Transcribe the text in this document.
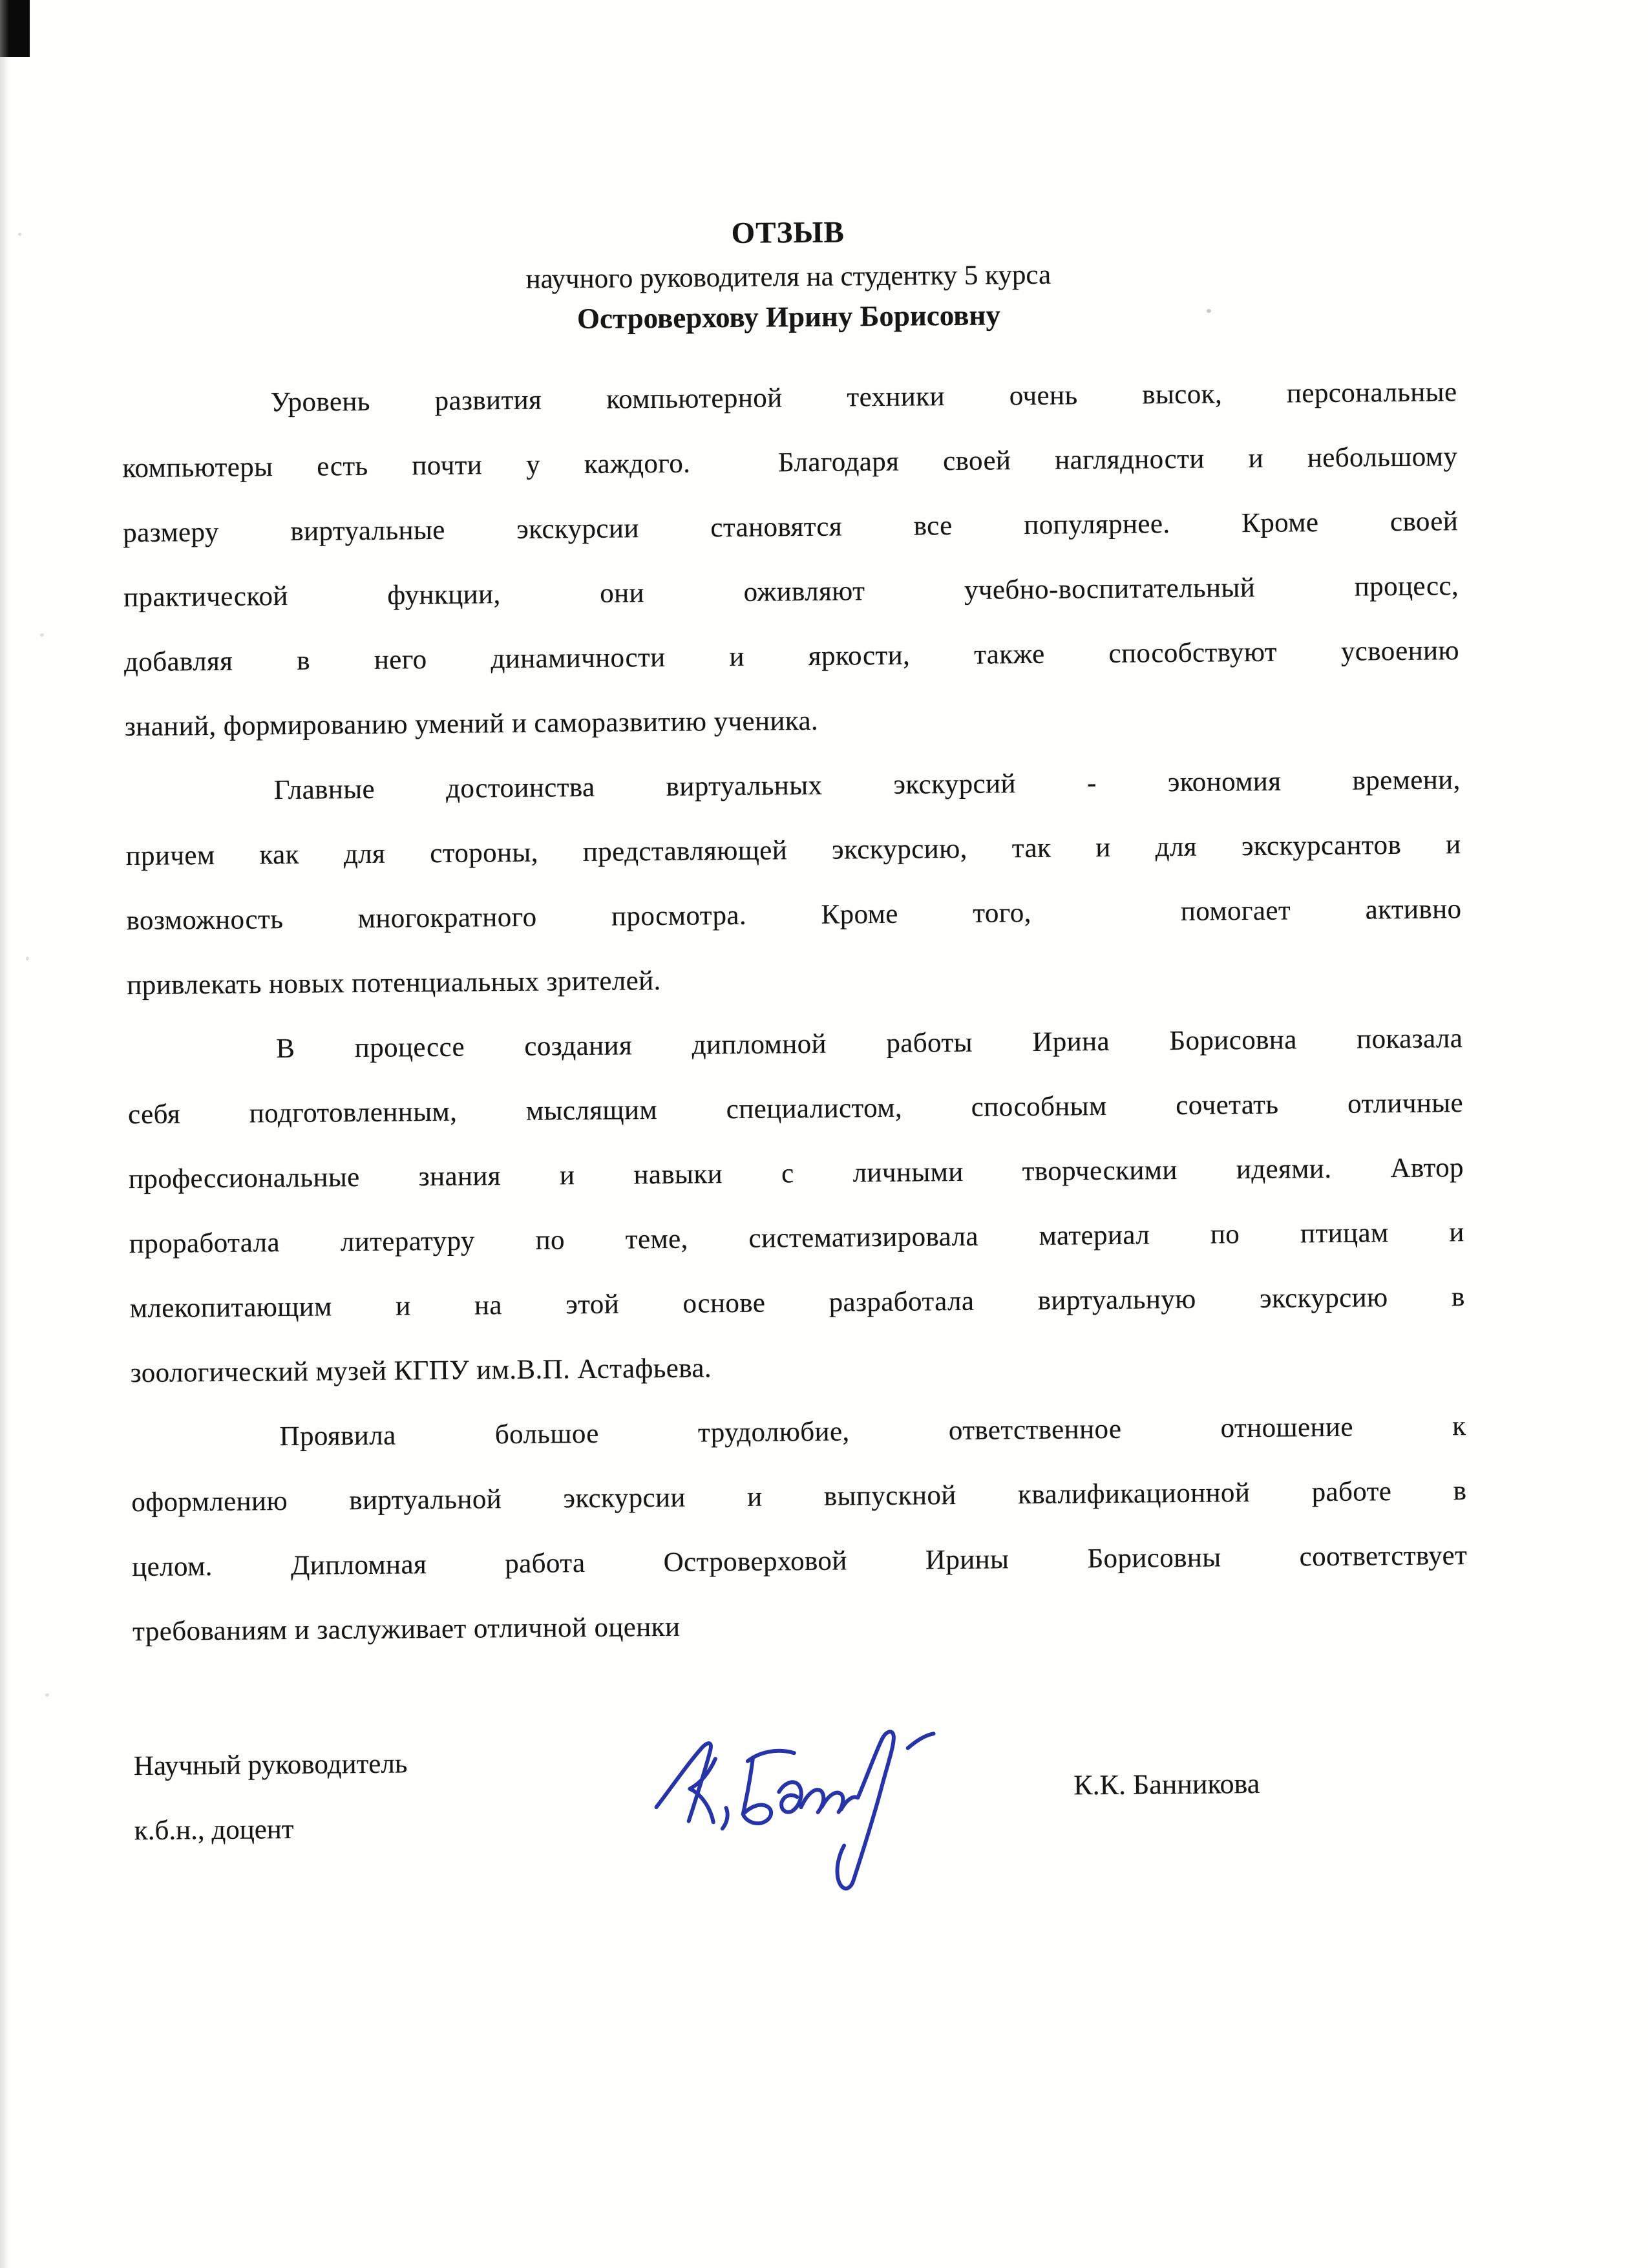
ОТЗЫВ
научного руководителя на студентку 5 курса
Островерхову Ирину Борисовну
Уровень развития компьютерной техники очень высок, персональные
компьютеры есть почти у каждого.  Благодаря своей наглядности и небольшому
размеру виртуальные экскурсии становятся все популярнее. Кроме своей
практической функции, они оживляют учебно-воспитательный процесс,
добавляя в него динамичности и яркости, также способствуют усвоению
знаний, формированию умений и саморазвитию ученика.
Главные достоинства виртуальных экскурсий - экономия времени,
причем как для стороны, представляющей экскурсию, так и для экскурсантов и
возможность многократного просмотра. Кроме того,  помогает активно
привлекать новых потенциальных зрителей.
В процессе создания дипломной работы Ирина Борисовна показала
себя подготовленным, мыслящим специалистом, способным сочетать отличные
профессиональные знания и навыки с личными творческими идеями. Автор
проработала литературу по теме, систематизировала материал по птицам и
млекопитающим и на этой основе разработала виртуальную экскурсию в
зоологический музей КГПУ им.В.П. Астафьева.
Проявила большое трудолюбие, ответственное отношение к
оформлению виртуальной экскурсии и выпускной квалификационной работе в
целом. Дипломная работа Островерховой Ирины Борисовны соответствует
требованиям и заслуживает отличной оценки
Научный руководитель
к.б.н., доцент
К.К. Банникова
